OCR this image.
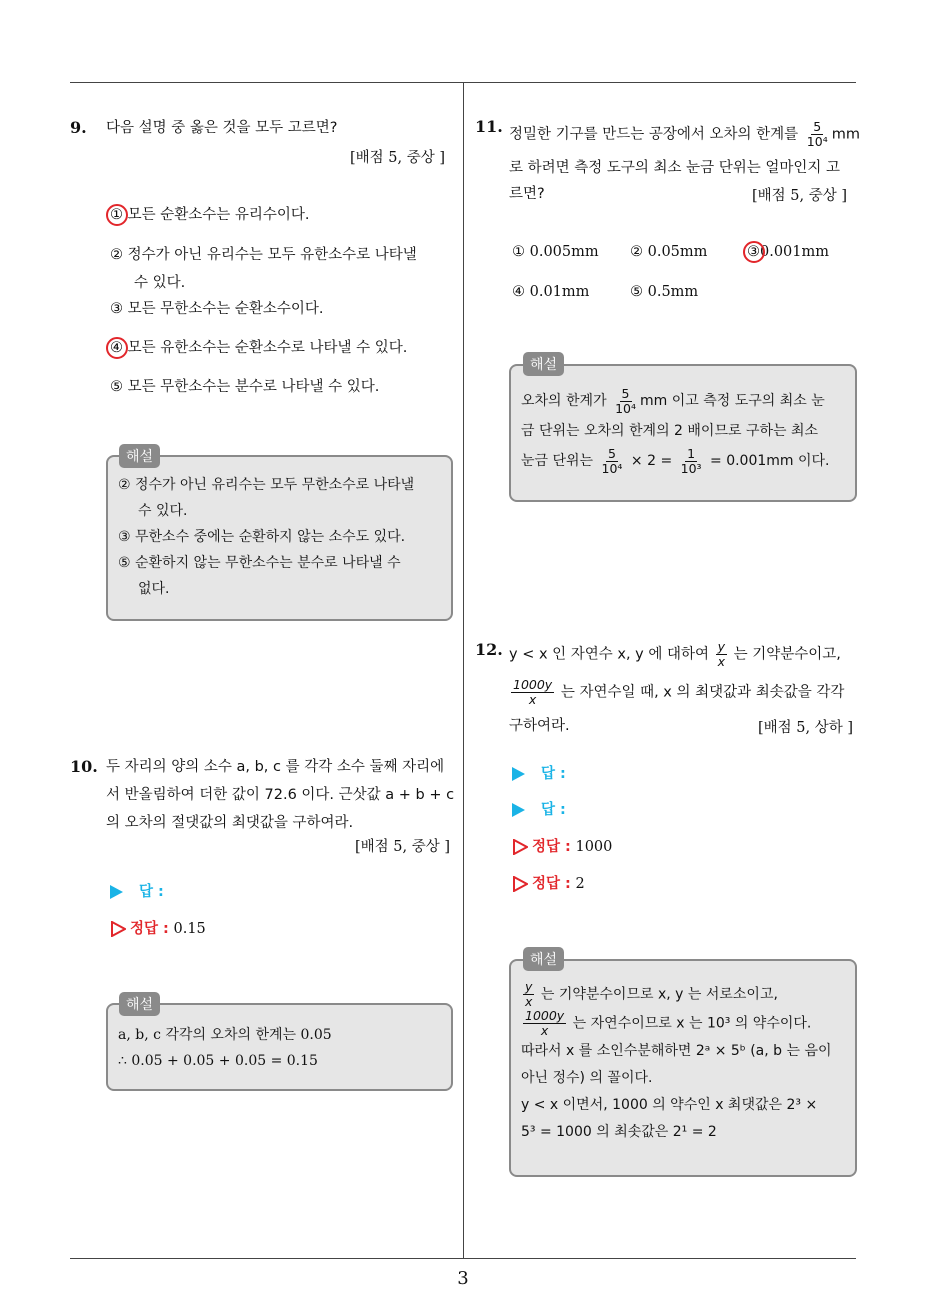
9. 다음 설명 중 옳은 것을 모두 고르면?
[배점 5, 중상 ]
① 모든 순환소수는 유리수이다.
② 정수가 아닌 유리수는 모두 유한소수로 나타낼
수 있다.
③ 모든 무한소수는 순환소수이다.
④ 모든 유한소수는 순환소수로 나타낼 수 있다.
⑤ 모든 무한소수는 분수로 나타낼 수 있다.
해설
② 정수가 아닌 유리수는 모두 무한소수로 나타낼
수 있다.
③ 무한소수 중에는 순환하지 않는 소수도 있다.
⑤ 순환하지 않는 무한소수는 분수로 나타낼 수
없다.
10. 두 자리의 양의 소수 a, b, c 를 각각 소수 둘째 자리에
서 반올림하여 더한 값이 72.6 이다. 근삿값 a + b + c
의 오차의 절댓값의 최댓값을 구하여라.
[배점 5, 중상 ]
답 :
정답 : 0.15
해설
a, b, c 각각의 오차의 한계는 0.05
∴ 0.05 + 0.05 + 0.05 = 0.15
11. 정밀한 기구를 만드는 공장에서 오차의 한계를 $\frac{5}{\text{10⁴}}$ mm
로 하려면 측정 도구의 최소 눈금 단위는 얼마인지 고
르면?	[배점 5, 중상 ]
① 0.005mm ② 0.05mm	③0.001mm
④ 0.01mm	⑤ 0.5mm
해설
오차의 한계가 $\frac{5}{\text{10⁴}}$ mm 이고 측정 도구의 최소 눈
금 단위는 오차의 한계의 2 배이므로 구하는 최소
눈금 단위는 $\frac{5}{\text{10⁴}} \times 2 = \frac{1}{\text{10³}} = 0.001mm$ 이다.
12. y < x 인 자연수 x, y 에 대하여 $\frac{y}{x}$ 는 기약분수이고,
$\frac{1000y}{x}$ 는 자연수일 때, x 의 최댓값과 최솟값을 각각
구하여라.	[배점 5, 상하 ]
답 :
답 :
정답 : 1000
정답 : 2
해설
$\frac{y}{x}$ 는 기약분수이므로 x, y 는 서로소이고,
$\frac{1000y}{x}$ 는 자연수이므로 x 는 10³ 의 약수이다.
따라서 x 를 소인수분해하면 2ᵃ × 5ᵇ (a, b 는 음이
아닌 정수) 의 꼴이다.
y < x 이면서, 1000 의 약수인 x 최댓값은 2³ ×
5³ = 1000 의 최솟값은 2¹ = 2
3
